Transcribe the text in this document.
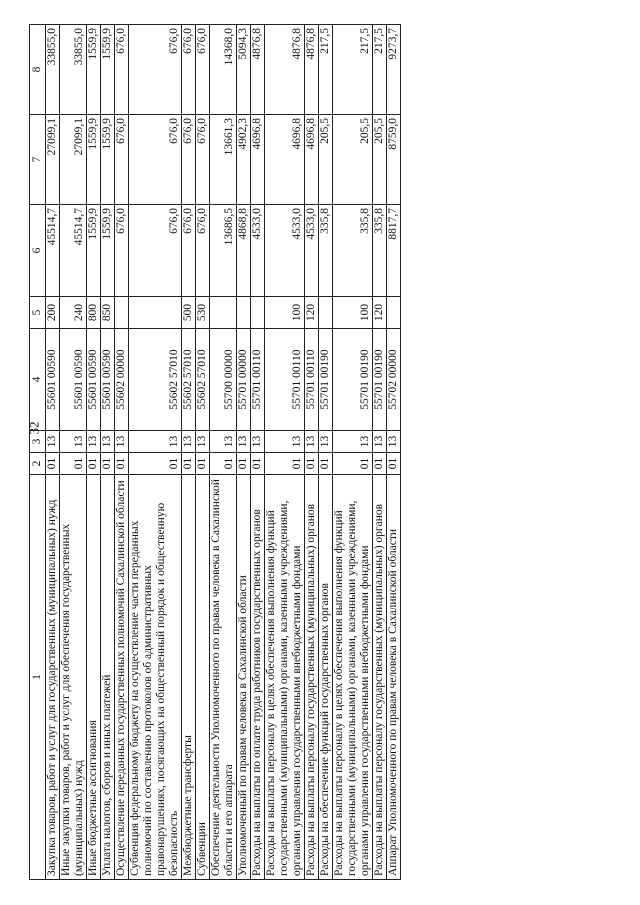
32
1	2	3	4	5	6	7	8
Закупка товаров, работ и услуг для государственных (муниципальных) нужд	01	13	55601 00590	200	45514,7	27099,1	33855,0
Иные закупки товаров, работ и услуг для обеспечения государственных (муниципальных) нужд	01	13	55601 00590	240	45514,7	27099,1	33855,0
Иные бюджетные ассигнования	01	13	55601 00590	800	1559,9	1559,9	1559,9
Уплата налогов, сборов и иных платежей	01	13	55601 00590	850	1559,9	1559,9	1559,9
Осуществление переданных государственных полномочий Сахалинской области	01	13	55602 00000		676,0	676,0	676,0
Субвенция федеральному бюджету на осуществление части переданных полномочий по составлению протоколов об административных правонарушениях, посягающих на общественный порядок и общественную безопасность	01	13	55602 57010		676,0	676,0	676,0
Межбюджетные трансферты	01	13	55602 57010	500	676,0	676,0	676,0
Субвенции	01	13	55602 57010	530	676,0	676,0	676,0
Обеспечение деятельности Уполномоченного по правам человека в Сахалинской области и его аппарата	01	13	55700 00000		13686,5	13661,3	14368,0
Уполномоченный по правам человека в Сахалинской области	01	13	55701 00000		4868,8	4902,3	5094,3
Расходы на выплаты по оплате труда работников государственных органов	01	13	55701 00110		4533,0	4696,8	4876,8
Расходы на выплаты персоналу в целях обеспечения выполнения функций государственными (муниципальными) органами, казенными учреждениями, органами управления государственными внебюджетными фондами	01	13	55701 00110	100	4533,0	4696,8	4876,8
Расходы на выплаты персоналу государственных (муниципальных) органов	01	13	55701 00110	120	4533,0	4696,8	4876,8
Расходы на обеспечение функций государственных органов	01	13	55701 00190		335,8	205,5	217,5
Расходы на выплаты персоналу в целях обеспечения выполнения функций государственными (муниципальными) органами, казенными учреждениями, органами управления государственными внебюджетными фондами	01	13	55701 00190	100	335,8	205,5	217,5
Расходы на выплаты персоналу государственных (муниципальных) органов	01	13	55701 00190	120	335,8	205,5	217,5
Аппарат Уполномоченного по правам человека в Сахалинской области	01	13	55702 00000		8817,7	8759,0	9273,7
